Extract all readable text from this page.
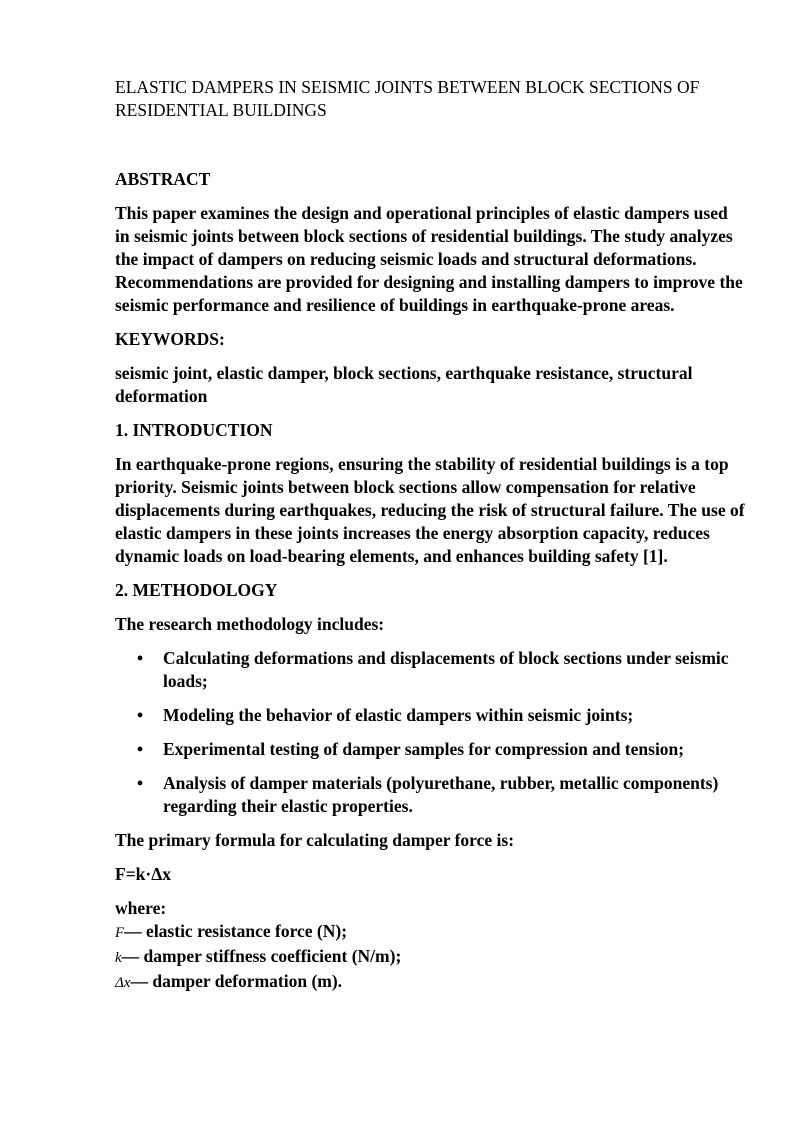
ELASTIC DAMPERS IN SEISMIC JOINTS BETWEEN BLOCK SECTIONS OF RESIDENTIAL BUILDINGS
ABSTRACT
This paper examines the design and operational principles of elastic dampers used in seismic joints between block sections of residential buildings. The study analyzes the impact of dampers on reducing seismic loads and structural deformations. Recommendations are provided for designing and installing dampers to improve the seismic performance and resilience of buildings in earthquake-prone areas.
KEYWORDS:
seismic joint, elastic damper, block sections, earthquake resistance, structural deformation
1. INTRODUCTION
In earthquake-prone regions, ensuring the stability of residential buildings is a top priority. Seismic joints between block sections allow compensation for relative displacements during earthquakes, reducing the risk of structural failure. The use of elastic dampers in these joints increases the energy absorption capacity, reduces dynamic loads on load-bearing elements, and enhances building safety [1].
2. METHODOLOGY
The research methodology includes:
• Calculating deformations and displacements of block sections under seismic loads;
• Modeling the behavior of elastic dampers within seismic joints;
• Experimental testing of damper samples for compression and tension;
• Analysis of damper materials (polyurethane, rubber, metallic components) regarding their elastic properties.
The primary formula for calculating damper force is:
F=k·Δx
where:
F— elastic resistance force (N);
k— damper stiffness coefficient (N/m);
Δx— damper deformation (m).
